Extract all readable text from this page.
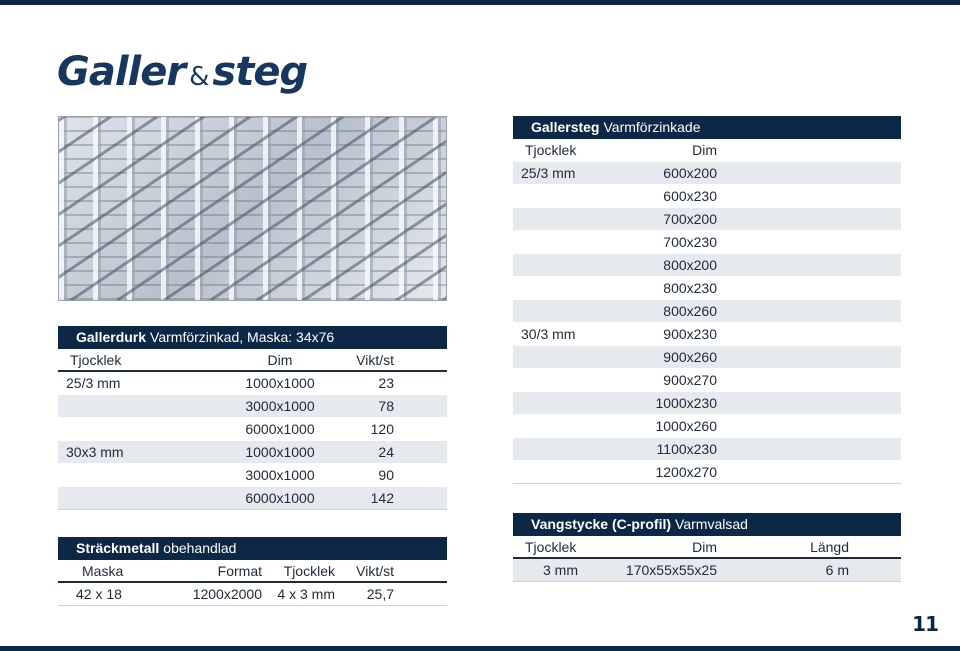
Galler & steg
Gallerdurk Varmförzinkad, Maska: 34x76
Tjocklek	Dim	Vikt/st
25/3 mm	1000x1000	23
3000x1000	78
6000x1000	120
30x3 mm	1000x1000	24
3000x1000	90
6000x1000	142
Sträckmetall obehandlad
Maska	Format	Tjocklek	Vikt/st
42 x 18	1200x2000	4 x 3 mm	25,7
Gallersteg Varmförzinkade
Tjocklek	Dim
25/3 mm	600x200
600x230
700x200
700x230
800x200
800x230
800x260
30/3 mm	900x230
900x260
900x270
1000x230
1000x260
1100x230
1200x270
Vangstycke (C-profil) Varmvalsad
Tjocklek	Dim	Längd
3 mm	170x55x55x25	6 m
11
